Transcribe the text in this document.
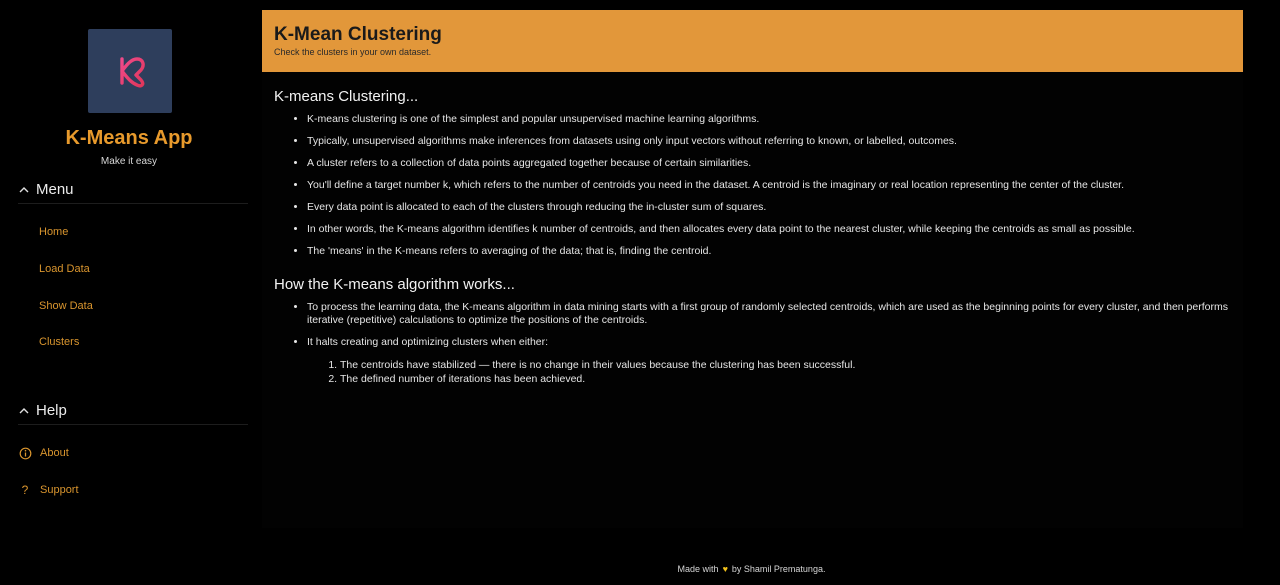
K-Means App
Make it easy
Menu
Home
Load Data
Show Data
Clusters
Help
About
?	Support
K-Mean Clustering
Check the clusters in your own dataset.
K-means Clustering...
• K-means clustering is one of the simplest and popular unsupervised machine learning algorithms.
• Typically, unsupervised algorithms make inferences from datasets using only input vectors without referring to known, or labelled, outcomes.
• A cluster refers to a collection of data points aggregated together because of certain similarities.
• You'll define a target number k, which refers to the number of centroids you need in the dataset. A centroid is the imaginary or real location representing the center of the cluster.
• Every data point is allocated to each of the clusters through reducing the in-cluster sum of squares.
• In other words, the K-means algorithm identifies k number of centroids, and then allocates every data point to the nearest cluster, while keeping the centroids as small as possible.
• The 'means' in the K-means refers to averaging of the data; that is, finding the centroid.
How the K-means algorithm works...
• To process the learning data, the K-means algorithm in data mining starts with a first group of randomly selected centroids, which are used as the beginning points for every cluster, and then performs iterative (repetitive) calculations to optimize the positions of the centroids.
• It halts creating and optimizing clusters when either:
1. The centroids have stabilized — there is no change in their values because the clustering has been successful.
2. The defined number of iterations has been achieved.
Made with ♥ by Shamil Prematunga.
